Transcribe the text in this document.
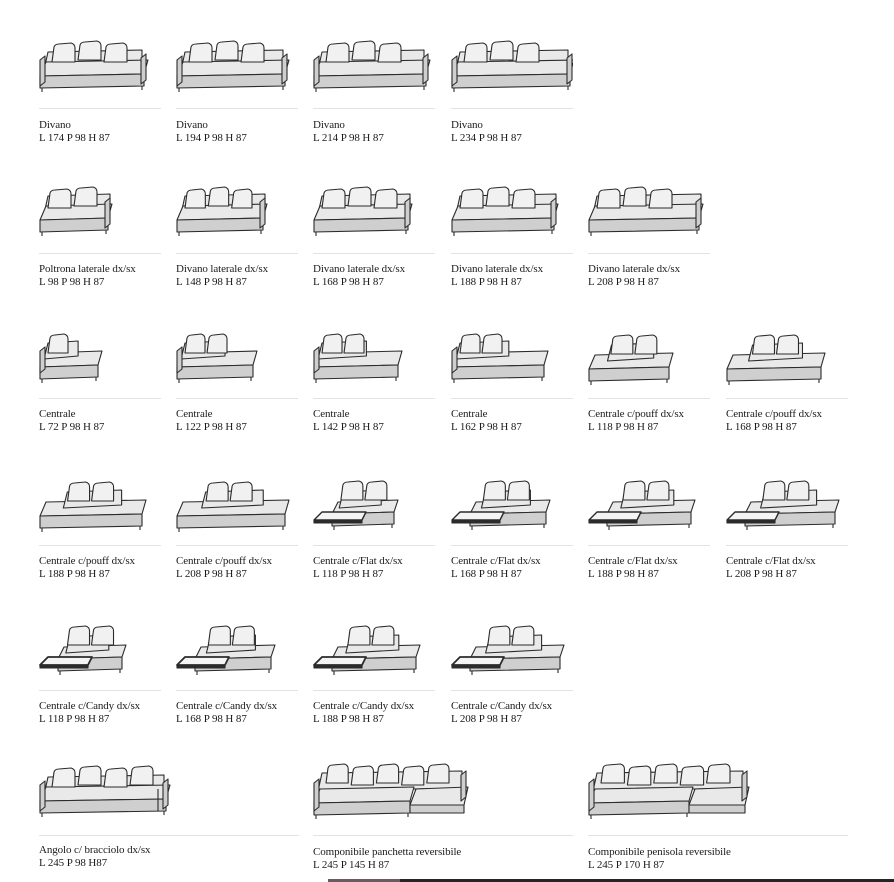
Divano
L 174 P 98 H 87
Divano
L 194 P 98 H 87
Divano
L 214 P 98 H 87
Divano
L 234 P 98 H 87
Poltrona laterale dx/sx
L 98 P 98 H 87
Divano laterale dx/sx
L 148 P 98 H 87
Divano laterale dx/sx
L 168 P 98 H 87
Divano laterale dx/sx
L 188 P 98 H 87
Divano laterale dx/sx
L 208 P 98 H 87
Centrale
L 72 P 98 H 87
Centrale
L 122 P 98 H 87
Centrale
L 142 P 98 H 87
Centrale
L 162 P 98 H 87
Centrale c/pouff dx/sx
L 118 P 98 H 87
Centrale c/pouff dx/sx
L 168 P 98 H 87
Centrale c/pouff dx/sx
L 188 P 98 H 87
Centrale c/pouff dx/sx
L 208 P 98 H 87
Centrale c/Flat dx/sx
L 118 P 98 H 87
Centrale c/Flat dx/sx
L 168 P 98 H 87
Centrale c/Flat dx/sx
L 188 P 98 H 87
Centrale c/Flat dx/sx
L 208 P 98 H 87
Centrale c/Candy dx/sx
L 118 P 98 H 87
Centrale c/Candy dx/sx
L 168 P 98 H 87
Centrale c/Candy dx/sx
L 188 P 98 H 87
Centrale c/Candy dx/sx
L 208 P 98 H 87
Angolo c/ bracciolo dx/sx
L 245 P 98 H87
Componibile panchetta reversibile
L 245 P 145 H 87
Componibile penisola reversibile
L 245 P 170 H 87
